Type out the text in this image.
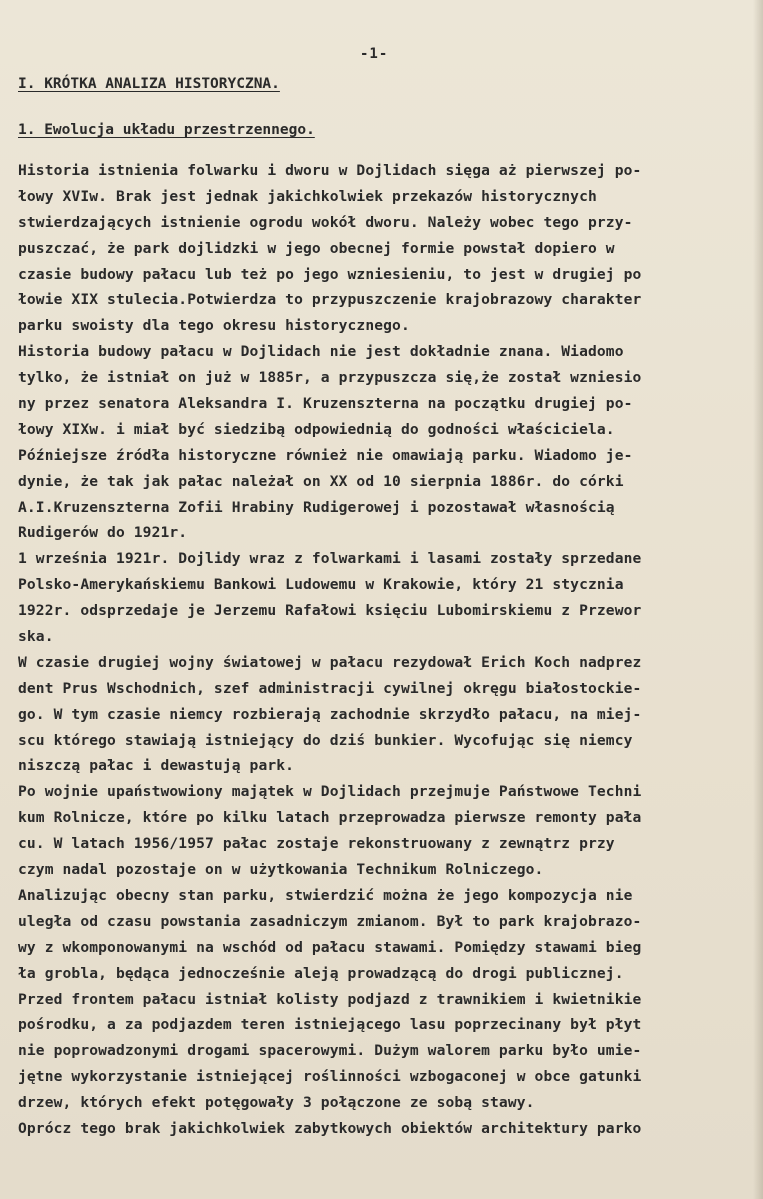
-1-
I. KRÓTKA ANALIZA HISTORYCZNA.
1. Ewolucja układu przestrzennego.
Historia istnienia folwarku i dworu w Dojlidach sięga aż pierwszej po-
łowy XVIw. Brak jest jednak jakichkolwiek przekazów historycznych
stwierdzających istnienie ogrodu wokół dworu. Należy wobec tego przy-
puszczać, że park dojlidzki w jego obecnej formie powstał dopiero w
czasie budowy pałacu lub też po jego wzniesieniu, to jest w drugiej po
łowie XIX stulecia.Potwierdza to przypuszczenie krajobrazowy charakter
parku swoisty dla tego okresu historycznego.
Historia budowy pałacu w Dojlidach nie jest dokładnie znana. Wiadomo
tylko, że istniał on już w 1885r, a przypuszcza się,że został wzniesio
ny przez senatora Aleksandra I. Kruzenszterna na początku drugiej po-
łowy XIXw. i miał być siedzibą odpowiednią do godności właściciela.
Późniejsze źródła historyczne również nie omawiają parku. Wiadomo je-
dynie, że tak jak pałac należał on XX od 10 sierpnia 1886r. do córki
A.I.Kruzenszterna Zofii Hrabiny Rudigerowej i pozostawał własnością
Rudigerów do 1921r.
1 września 1921r. Dojlidy wraz z folwarkami i lasami zostały sprzedane
Polsko-Amerykańskiemu Bankowi Ludowemu w Krakowie, który 21 stycznia
1922r. odsprzedaje je Jerzemu Rafałowi księciu Lubomirskiemu z Przewor
ska.
W czasie drugiej wojny światowej w pałacu rezydował Erich Koch nadprez
dent Prus Wschodnich, szef administracji cywilnej okręgu białostockie-
go. W tym czasie niemcy rozbierają zachodnie skrzydło pałacu, na miej-
scu którego stawiają istniejący do dziś bunkier. Wycofując się niemcy
niszczą pałac i dewastują park.
Po wojnie upaństwowiony majątek w Dojlidach przejmuje Państwowe Techni
kum Rolnicze, które po kilku latach przeprowadza pierwsze remonty pała
cu. W latach 1956/1957 pałac zostaje rekonstruowany z zewnątrz przy
czym nadal pozostaje on w użytkowania Technikum Rolniczego.
Analizując obecny stan parku, stwierdzić można że jego kompozycja nie
uległa od czasu powstania zasadniczym zmianom. Był to park krajobrazo-
wy z wkomponowanymi na wschód od pałacu stawami. Pomiędzy stawami bieg
ła grobla, będąca jednocześnie aleją prowadzącą do drogi publicznej.
Przed frontem pałacu istniał kolisty podjazd z trawnikiem i kwietnikie
pośrodku, a za podjazdem teren istniejącego lasu poprzecinany był płyt
nie poprowadzonymi drogami spacerowymi. Dużym walorem parku było umie-
jętne wykorzystanie istniejącej roślinności wzbogaconej w obce gatunki
drzew, których efekt potęgowały 3 połączone ze sobą stawy.
Oprócz tego brak jakichkolwiek zabytkowych obiektów architektury parko
